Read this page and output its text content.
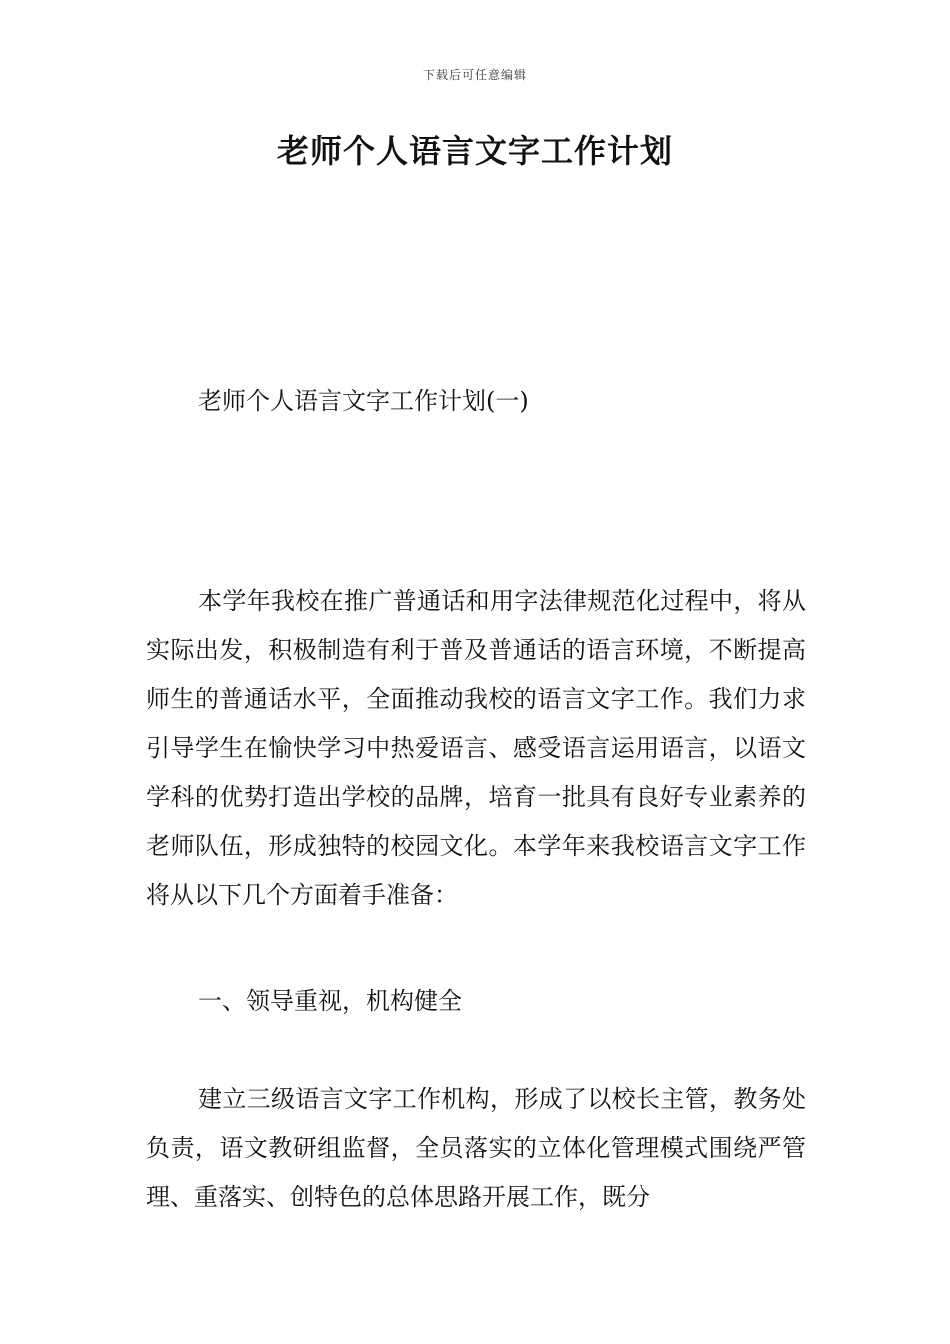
下载后可任意编辑
老师个人语言文字工作计划

老师个人语言文字工作计划(一)

本学年我校在推广普通话和用字法律规范化过程中，将从实际出发，积极制造有利于普及普通话的语言环境，不断提高师生的普通话水平，全面推动我校的语言文字工作。我们力求引导学生在愉快学习中热爱语言、感受语言运用语言，以语文学科的优势打造出学校的品牌，培育一批具有良好专业素养的老师队伍，形成独特的校园文化。本学年来我校语言文字工作将从以下几个方面着手准备：

一、领导重视，机构健全

建立三级语言文字工作机构，形成了以校长主管，教务处负责，语文教研组监督，全员落实的立体化管理模式围绕严管理、重落实、创特色的总体思路开展工作，既分
